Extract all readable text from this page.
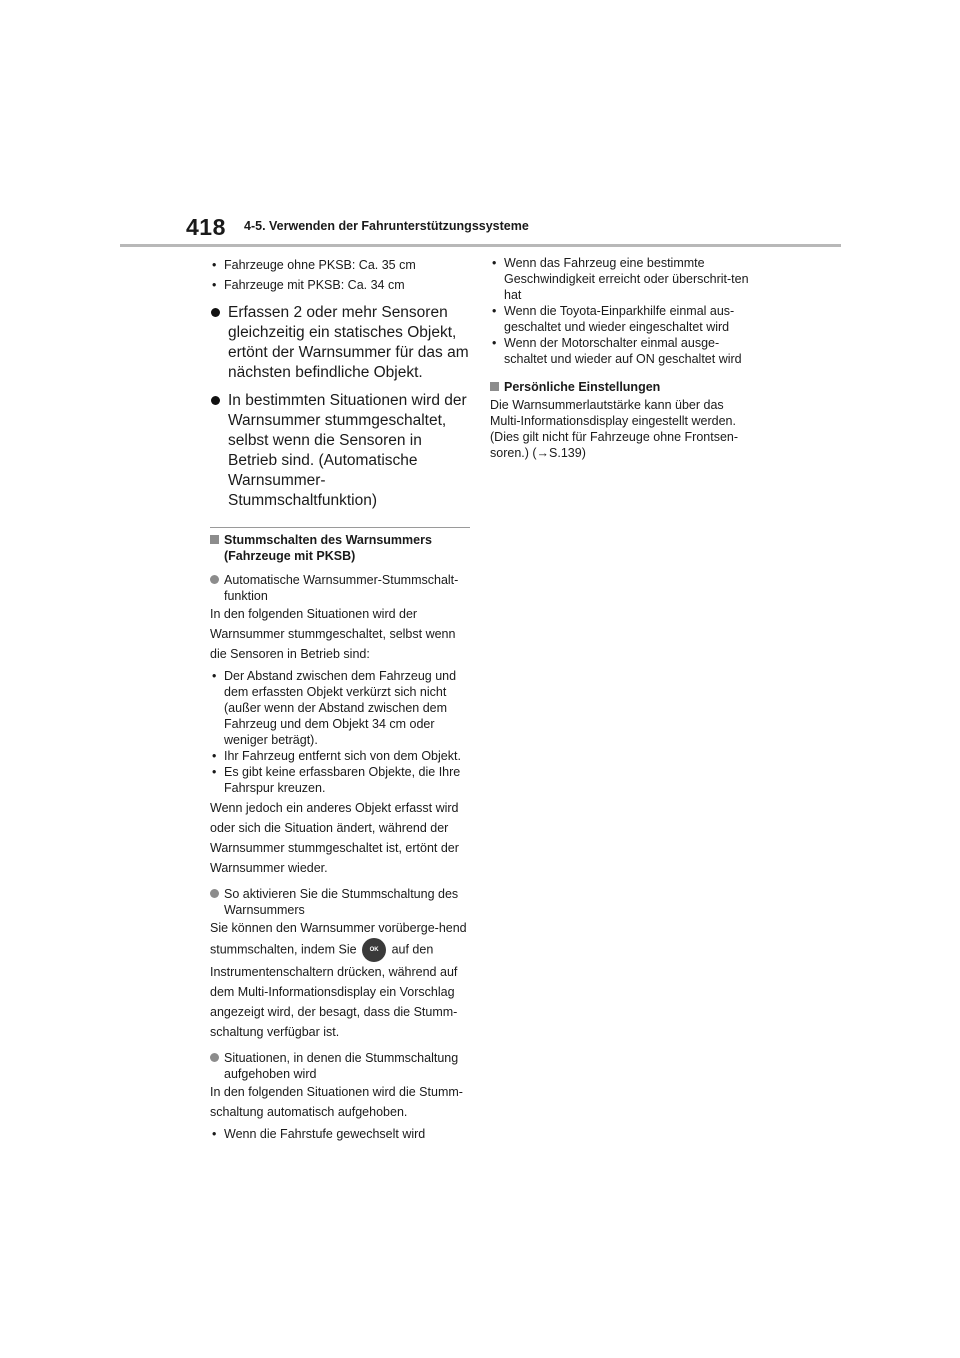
418 4-5. Verwenden der Fahrunterstützungssysteme
• Fahrzeuge ohne PKSB: Ca. 35 cm
• Fahrzeuge mit PKSB: Ca. 34 cm
Erfassen 2 oder mehr Sensoren gleichzeitig ein statisches Objekt, ertönt der Warnsummer für das am nächsten befindliche Objekt.
In bestimmten Situationen wird der Warnsummer stummgeschaltet, selbst wenn die Sensoren in Betrieb sind. (Automatische Warnsummer-Stummschaltfunktion)
Stummschalten des Warnsummers (Fahrzeuge mit PKSB)
Automatische Warnsummer-Stummschalt-funktion
In den folgenden Situationen wird der Warnsummer stummgeschaltet, selbst wenn die Sensoren in Betrieb sind:
• Der Abstand zwischen dem Fahrzeug und dem erfassten Objekt verkürzt sich nicht (außer wenn der Abstand zwischen dem Fahrzeug und dem Objekt 34 cm oder weniger beträgt).
• Ihr Fahrzeug entfernt sich von dem Objekt.
• Es gibt keine erfassbaren Objekte, die Ihre Fahrspur kreuzen.
Wenn jedoch ein anderes Objekt erfasst wird oder sich die Situation ändert, während der Warnsummer stummgeschaltet ist, ertönt der Warnsummer wieder.
So aktivieren Sie die Stummschaltung des Warnsummers
Sie können den Warnsummer vorüberge-hend stummschalten, indem Sie OK auf den Instrumentenschaltern drücken, während auf dem Multi-Informationsdisplay ein Vorschlag angezeigt wird, der besagt, dass die Stumm-schaltung verfügbar ist.
Situationen, in denen die Stummschaltung aufgehoben wird
In den folgenden Situationen wird die Stumm-schaltung automatisch aufgehoben.
• Wenn die Fahrstufe gewechselt wird
• Wenn das Fahrzeug eine bestimmte Geschwindigkeit erreicht oder überschrit-ten hat
• Wenn die Toyota-Einparkhilfe einmal aus-geschaltet und wieder eingeschaltet wird
• Wenn der Motorschalter einmal ausge-schaltet und wieder auf ON geschaltet wird
Persönliche Einstellungen
Die Warnsummerlautstärke kann über das Multi-Informationsdisplay eingestellt werden. (Dies gilt nicht für Fahrzeuge ohne Frontsen-soren.) (→S.139)
